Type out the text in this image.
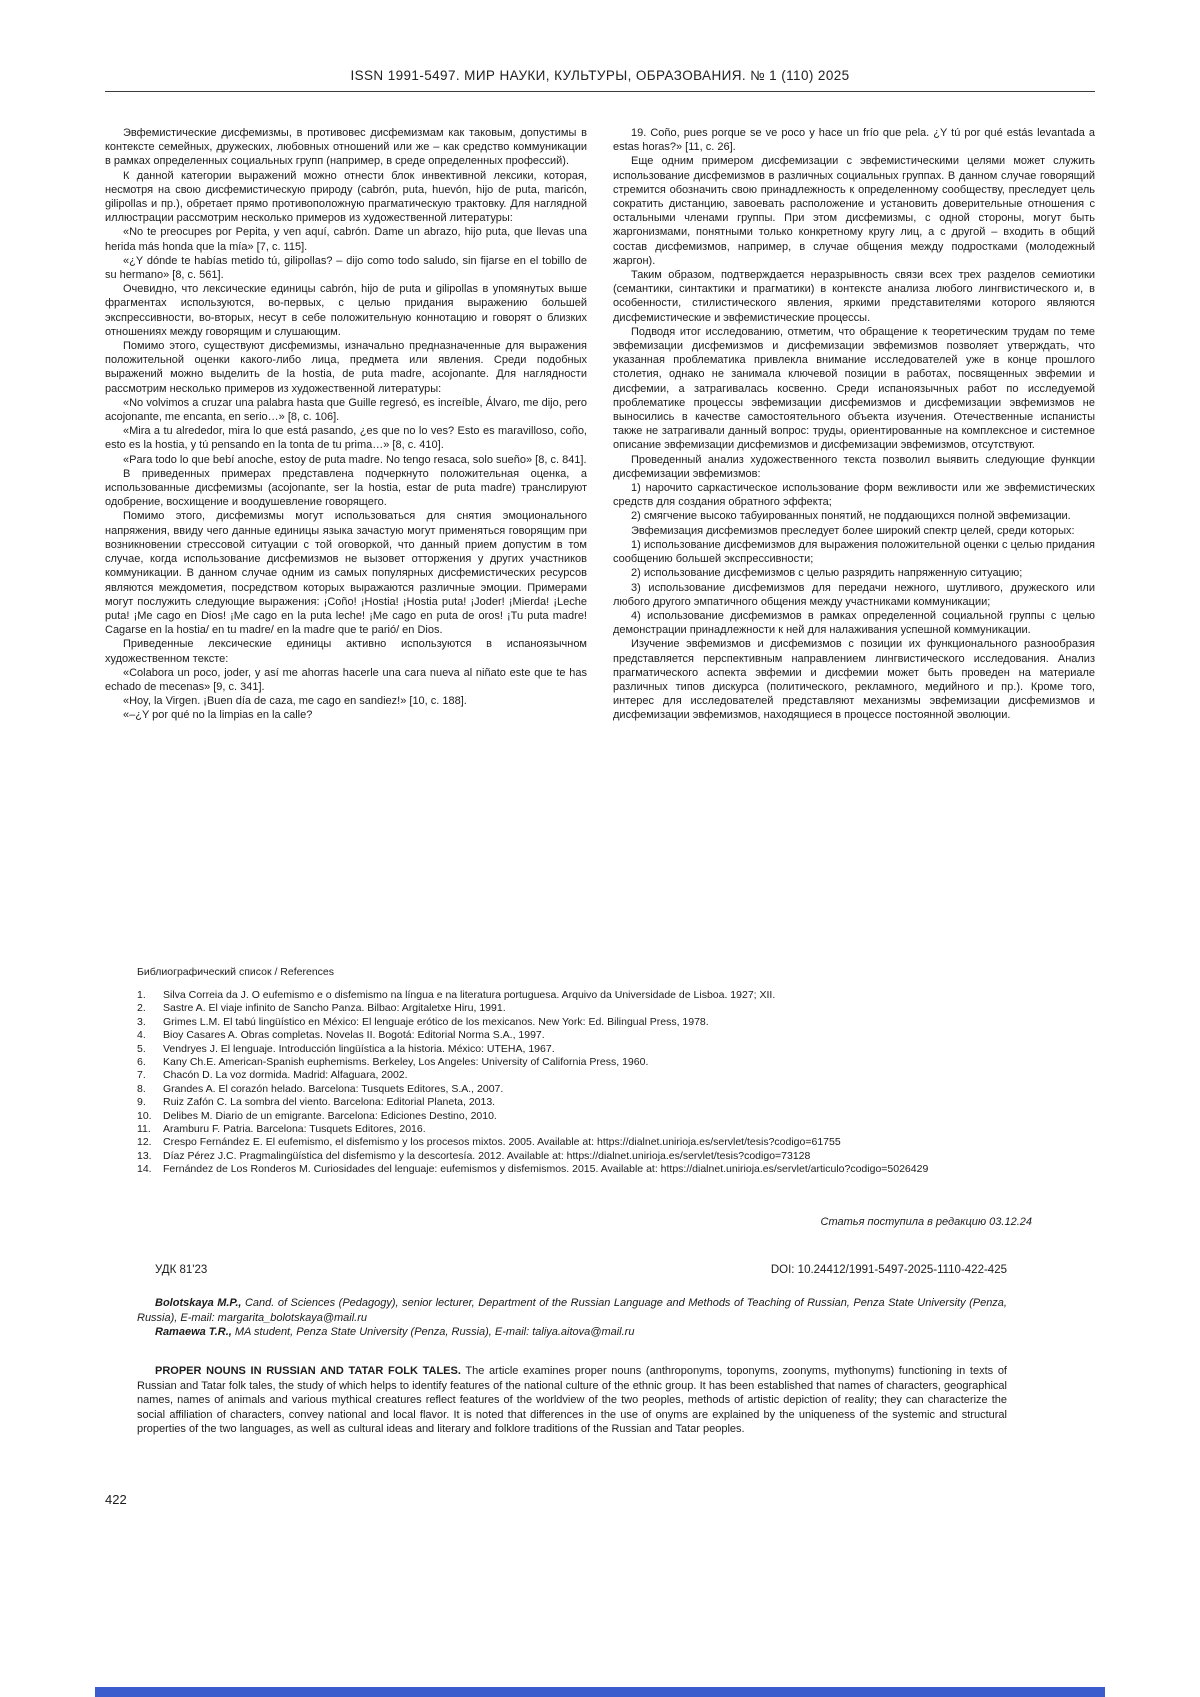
ISSN 1991-5497. МИР НАУКИ, КУЛЬТУРЫ, ОБРАЗОВАНИЯ. № 1 (110) 2025
Эвфемистические дисфемизмы, в противовес дисфемизмам как таковым, допустимы в контексте семейных, дружеских, любовных отношений или же – как средство коммуникации в рамках определенных социальных групп (например, в среде определенных профессий).
К данной категории выражений можно отнести блок инвективной лексики, которая, несмотря на свою дисфемистическую природу (cabrón, puta, huevón, hijo de puta, maricón, gilipollas и пр.), обретает прямо противоположную прагматическую трактовку. Для наглядной иллюстрации рассмотрим несколько примеров из художественной литературы:
«No te preocupes por Pepita, y ven aquí, cabrón. Dame un abrazo, hijo puta, que llevas una herida más honda que la mía» [7, с. 115].
«¿Y dónde te habías metido tú, gilipollas? – dijo como todo saludo, sin fijarse en el tobillo de su hermano» [8, с. 561].
Очевидно, что лексические единицы cabrón, hijo de puta и gilipollas в упомянутых выше фрагментах используются, во-первых, с целью придания выражению большей экспрессивности, во-вторых, несут в себе положительную коннотацию и говорят о близких отношениях между говорящим и слушающим.
Помимо этого, существуют дисфемизмы, изначально предназначенные для выражения положительной оценки какого-либо лица, предмета или явления. Среди подобных выражений можно выделить de la hostia, de puta madre, acojonante. Для наглядности рассмотрим несколько примеров из художественной литературы:
«No volvimos a cruzar una palabra hasta que Guille regresó, es increíble, Álvaro, me dijo, pero acojonante, me encanta, en serio…» [8, с. 106].
«Mira a tu alrededor, mira lo que está pasando, ¿es que no lo ves? Esto es maravilloso, coño, esto es la hostia, y tú pensando en la tonta de tu prima…» [8, с. 410].
«Para todo lo que bebí anoche, estoy de puta madre. No tengo resaca, solo sueño» [8, с. 841].
В приведенных примерах представлена подчеркнуто положительная оценка, а использованные дисфемизмы (acojonante, ser la hostia, estar de puta madre) транслируют одобрение, восхищение и воодушевление говорящего.
Помимо этого, дисфемизмы могут использоваться для снятия эмоционального напряжения, ввиду чего данные единицы языка зачастую могут применяться говорящим при возникновении стрессовой ситуации с той оговоркой, что данный прием допустим в том случае, когда использование дисфемизмов не вызовет отторжения у других участников коммуникации. В данном случае одним из самых популярных дисфемистических ресурсов являются междометия, посредством которых выражаются различные эмоции. Примерами могут послужить следующие выражения: ¡Coño! ¡Hostia! ¡Hostia puta! ¡Joder! ¡Mierda! ¡Leche puta! ¡Me cago en Dios! ¡Me cago en la puta leche! ¡Me cago en puta de oros! ¡Tu puta madre! Cagarse en la hostia/ en tu madre/ en la madre que te parió/ en Dios.
Приведенные лексические единицы активно используются в испаноязычном художественном тексте:
«Colabora un poco, joder, y así me ahorras hacerle una cara nueva al niñato este que te has echado de mecenas» [9, с. 341].
«Hoy, la Virgen. ¡Buen día de caza, me cago en sandiez!» [10, с. 188].
«–¿Y por qué no la limpias en la calle?
19. Coño, pues porque se ve poco y hace un frío que pela. ¿Y tú por qué estás levantada a estas horas?» [11, с. 26].
Еще одним примером дисфемизации с эвфемистическими целями может служить использование дисфемизмов в различных социальных группах. В данном случае говорящий стремится обозначить свою принадлежность к определенному сообществу, преследует цель сократить дистанцию, завоевать расположение и установить доверительные отношения с остальными членами группы. При этом дисфемизмы, с одной стороны, могут быть жаргонизмами, понятными только конкретному кругу лиц, а с другой – входить в общий состав дисфемизмов, например, в случае общения между подростками (молодежный жаргон).
Таким образом, подтверждается неразрывность связи всех трех разделов семиотики (семантики, синтактики и прагматики) в контексте анализа любого лингвистического и, в особенности, стилистического явления, яркими представителями которого являются дисфемистические и эвфемистические процессы.
Подводя итог исследованию, отметим, что обращение к теоретическим трудам по теме эвфемизации дисфемизмов и дисфемизации эвфемизмов позволяет утверждать, что указанная проблематика привлекла внимание исследователей уже в конце прошлого столетия, однако не занимала ключевой позиции в работах, посвященных эвфемии и дисфемии, а затрагивалась косвенно. Среди испаноязычных работ по исследуемой проблематике процессы эвфемизации дисфемизмов и дисфемизации эвфемизмов не выносились в качестве самостоятельного объекта изучения. Отечественные испанисты также не затрагивали данный вопрос: труды, ориентированные на комплексное и системное описание эвфемизации дисфемизмов и дисфемизации эвфемизмов, отсутствуют.
Проведенный анализ художественного текста позволил выявить следующие функции дисфемизации эвфемизмов:
1) нарочито саркастическое использование форм вежливости или же эвфемистических средств для создания обратного эффекта;
2) смягчение высоко табуированных понятий, не поддающихся полной эвфемизации.
Эвфемизация дисфемизмов преследует более широкий спектр целей, среди которых:
1) использование дисфемизмов для выражения положительной оценки с целью придания сообщению большей экспрессивности;
2) использование дисфемизмов с целью разрядить напряженную ситуацию;
3) использование дисфемизмов для передачи нежного, шутливого, дружеского или любого другого эмпатичного общения между участниками коммуникации;
4) использование дисфемизмов в рамках определенной социальной группы с целью демонстрации принадлежности к ней для налаживания успешной коммуникации.
Изучение эвфемизмов и дисфемизмов с позиции их функционального разнообразия представляется перспективным направлением лингвистического исследования. Анализ прагматического аспекта эвфемии и дисфемии может быть проведен на материале различных типов дискурса (политического, рекламного, медийного и пр.). Кроме того, интерес для исследователей представляют механизмы эвфемизации дисфемизмов и дисфемизации эвфемизмов, находящиеся в процессе постоянной эволюции.
Библиографический список / References
1.	Silva Correia da J. O eufemismo e o disfemismo na língua e na literatura portuguesa. Arquivo da Universidade de Lisboa. 1927; XII.
2.	Sastre A. El viaje infinito de Sancho Panza. Bilbao: Argitaletxe Hiru, 1991.
3.	Grimes L.M. El tabú lingüístico en México: El lenguaje erótico de los mexicanos. New York: Ed. Bilingual Press, 1978.
4.	Bioy Casares A. Obras completas. Novelas II. Bogotá: Editorial Norma S.A., 1997.
5.	Vendryes J. El lenguaje. Introducción lingüística a la historia. México: UTEHA, 1967.
6.	Kany Ch.E. American-Spanish euphemisms. Berkeley, Los Angeles: University of California Press, 1960.
7.	Chacón D. La voz dormida. Madrid: Alfaguara, 2002.
8.	Grandes A. El corazón helado. Barcelona: Tusquets Editores, S.A., 2007.
9.	Ruiz Zafón C. La sombra del viento. Barcelona: Editorial Planeta, 2013.
10.	Delibes M. Diario de un emigrante. Barcelona: Ediciones Destino, 2010.
11.	Aramburu F. Patria. Barcelona: Tusquets Editores, 2016.
12.	Crespo Fernández E. El eufemismo, el disfemismo y los procesos mixtos. 2005. Available at: https://dialnet.unirioja.es/servlet/tesis?codigo=61755
13.	Díaz Pérez J.C. Pragmalingüística del disfemismo y la descortesía. 2012. Available at: https://dialnet.unirioja.es/servlet/tesis?codigo=73128
14.	Fernández de Los Ronderos M. Curiosidades del lenguaje: eufemismos y disfemismos. 2015. Available at: https://dialnet.unirioja.es/servlet/articulo?codigo=5026429
Статья поступила в редакцию 03.12.24
УДК 81'23	DOI: 10.24412/1991-5497-2025-1110-422-425

Bolotskaya M.P., Cand. of Sciences (Pedagogy), senior lecturer, Department of the Russian Language and Methods of Teaching of Russian, Penza State University (Penza, Russia), E-mail: margarita_bolotskaya@mail.ru

Ramaewa T.R., MA student, Penza State University (Penza, Russia), E-mail: taliya.aitova@mail.ru

PROPER NOUNS IN RUSSIAN AND TATAR FOLK TALES. The article examines proper nouns (anthroponyms, toponyms, zoonyms, mythonyms) functioning in texts of Russian and Tatar folk tales, the study of which helps to identify features of the national culture of the ethnic group. It has been established that names of characters, geographical names, names of animals and various mythical creatures reflect features of the worldview of the two peoples, methods of artistic depiction of reality; they can characterize the social affiliation of characters, convey national and local flavor. It is noted that differences in the use of onyms are explained by the uniqueness of the systemic and structural properties of the two languages, as well as cultural ideas and literary and folklore traditions of the Russian and Tatar peoples.

422
